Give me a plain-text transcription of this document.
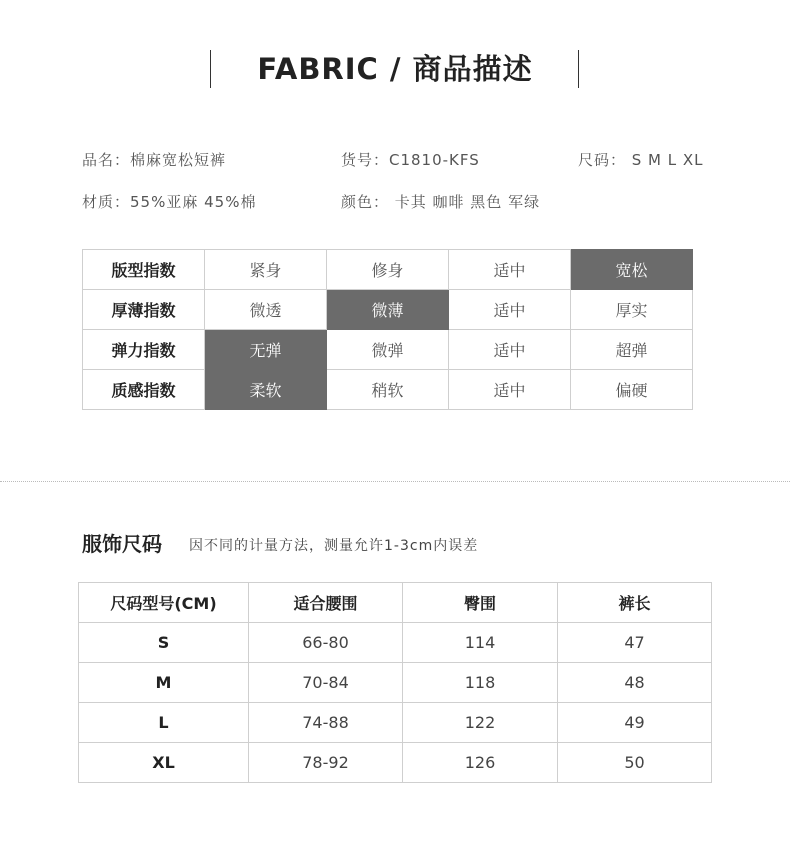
FABRIC / 商品描述
品名：棉麻宽松短裤	货号：C1810-KFS	尺码： S M L XL
材质：55%亚麻 45%棉	颜色： 卡其 咖啡 黑色 军绿
版型指数	紧身	修身	适中	宽松
厚薄指数	微透	微薄	适中	厚实
弹力指数	无弹	微弹	适中	超弹
质感指数	柔软	稍软	适中	偏硬
服饰尺码 因不同的计量方法，测量允许1-3cm内误差
尺码型号(CM)	适合腰围	臀围	裤长
S	66-80	114	47
M	70-84	118	48
L	74-88	122	49
XL	78-92	126	50
